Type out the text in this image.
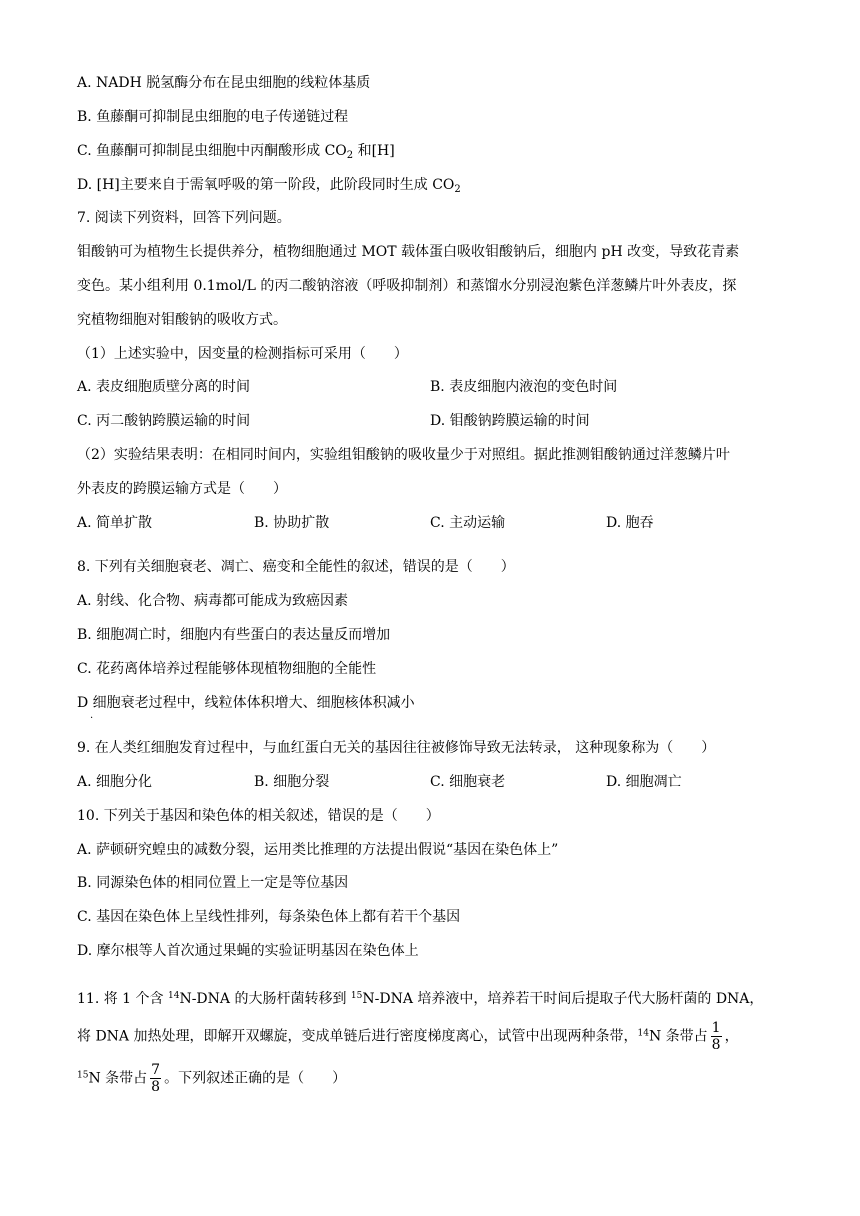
A. NADH 脱氢酶分布在昆虫细胞的线粒体基质
B. 鱼藤酮可抑制昆虫细胞的电子传递链过程
C. 鱼藤酮可抑制昆虫细胞中丙酮酸形成 $CO_2$ 和[H]
D. [H]主要来自于需氧呼吸的第一阶段，此阶段同时生成 $CO_2$
7. 阅读下列资料，回答下列问题。
钼酸钠可为植物生长提供养分，植物细胞通过 MOT 载体蛋白吸收钼酸钠后，细胞内 pH 改变，导致花青素
变色。某小组利用 0.1mol/L 的丙二酸钠溶液（呼吸抑制剂）和蒸馏水分别浸泡紫色洋葱鳞片叶外表皮，探
究植物细胞对钼酸钠的吸收方式。
（1）上述实验中，因变量的检测指标可采用（　　）
A. 表皮细胞质壁分离的时间	B. 表皮细胞内液泡的变色时间
C. 丙二酸钠跨膜运输的时间	D. 钼酸钠跨膜运输的时间
（2）实验结果表明：在相同时间内，实验组钼酸钠的吸收量少于对照组。据此推测钼酸钠通过洋葱鳞片叶
外表皮的跨膜运输方式是（　　）
A. 简单扩散	B. 协助扩散	C. 主动运输	D. 胞吞
8. 下列有关细胞衰老、凋亡、癌变和全能性的叙述，错误的是（　　）
A. 射线、化合物、病毒都可能成为致癌因素
B. 细胞凋亡时，细胞内有些蛋白的表达量反而增加
C. 花药离体培养过程能够体现植物细胞的全能性
D 细胞衰老过程中，线粒体体积增大、细胞核体积减小
.
9. 在人类红细胞发育过程中，与血红蛋白无关的基因往往被修饰导致无法转录， 这种现象称为（　　）
A. 细胞分化	B. 细胞分裂	C. 细胞衰老	D. 细胞凋亡
10. 下列关于基因和染色体的相关叙述，错误的是（　　）
A. 萨顿研究蝗虫的减数分裂，运用类比推理的方法提出假说“基因在染色体上”
B. 同源染色体的相同位置上一定是等位基因
C. 基因在染色体上呈线性排列，每条染色体上都有若干个基因
D. 摩尔根等人首次通过果蝇的实验证明基因在染色体上
11. 将 1 个含 $^{14}$N-DNA 的大肠杆菌转移到 $^{15}$N-DNA 培养液中，培养若干时间后提取子代大肠杆菌的 DNA，
将 DNA 加热处理，即解开双螺旋，变成单链后进行密度梯度离心，试管中出现两种条带，$^{14}$N 条带占 $\frac{1}{8}$ ，
$^{15}$N 条带占 $\frac{7}{8}$ 。下列叙述正确的是（　　）
